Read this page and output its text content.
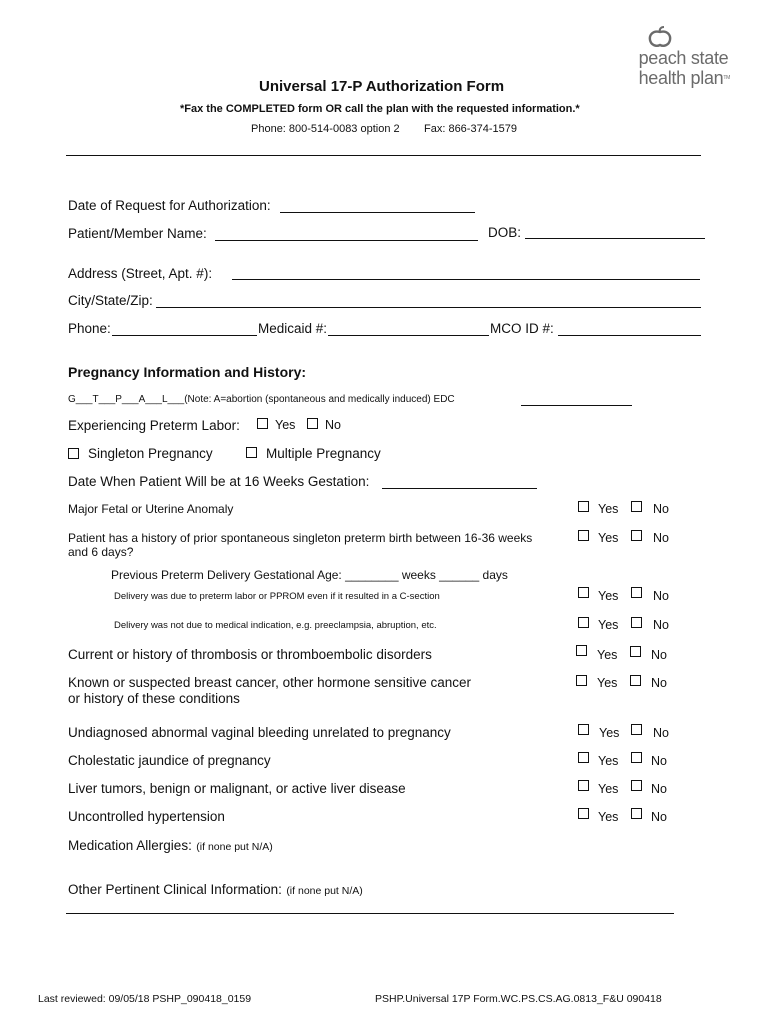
peach state
health planTM
Universal 17-P Authorization Form
*Fax the COMPLETED form OR call the plan with the requested information.*
Phone: 800-514-0083 option 2 Fax: 866-374-1579
Date of Request for Authorization:
Patient/Member Name:	DOB:
Address (Street, Apt. #):
City/State/Zip:
Phone:	Medicaid #:	MCO ID #:
Pregnancy Information and History:
G___T___P___A___L___(Note: A=abortion (spontaneous and medically induced) EDC
Experiencing Preterm Labor:	Yes No
Singleton Pregnancy	Multiple Pregnancy
Date When Patient Will be at 16 Weeks Gestation:
Major Fetal or Uterine Anomaly	Yes	No
Patient has a history of prior spontaneous singleton preterm birth between 16-36 weeks
and 6 days?
Yes	No
Previous Preterm Delivery Gestational Age: ________ weeks ______ days
Delivery was due to preterm labor or PPROM even if it resulted in a C-section	Yes	No
Delivery was not due to medical indication, e.g. preeclampsia, abruption, etc.	Yes	No
Current or history of thrombosis or thromboembolic disorders	Yes	No
Known or suspected breast cancer, other hormone sensitive cancer
or history of these conditions
Yes	No
Undiagnosed abnormal vaginal bleeding unrelated to pregnancy	Yes	No
Cholestatic jaundice of pregnancy	Yes	No
Liver tumors, benign or malignant, or active liver disease	Yes	No
Uncontrolled hypertension	Yes	No
Medication Allergies: (if none put N/A)
Other Pertinent Clinical Information: (if none put N/A)
Last reviewed: 09/05/18 PSHP_090418_0159	PSHP.Universal 17P Form.WC.PS.CS.AG.0813_F&U 090418
